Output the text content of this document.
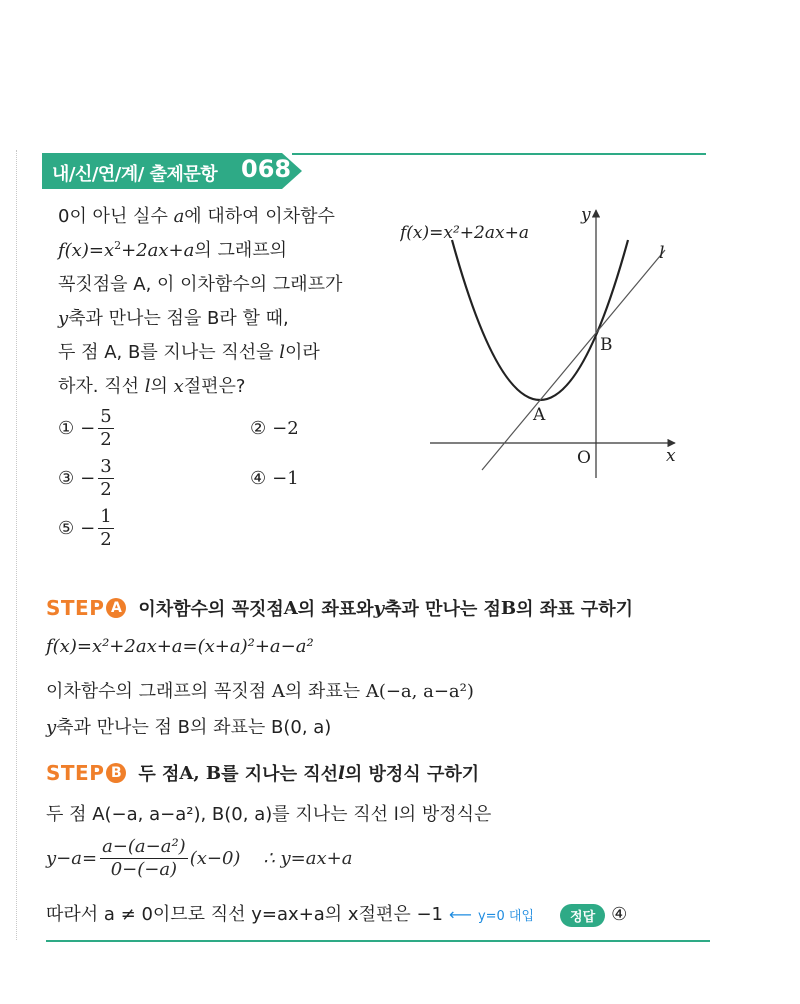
내/신/연/계/ 출제문항 068
0이 아닌 실수 a에 대하여 이차함수
$f(x)=x^2+2ax+a$의 그래프의
꼭짓점을 A, 이 이차함수의 그래프가
y축과 만나는 점을 B라 할 때,
두 점 A, B를 지나는 직선을 l이라
하자. 직선 l의 x절편은?
① − $\frac{5}{2}$	② −2
③ − $\frac{3}{2}$	④ −1
⑤ − $\frac{1}{2}$
f(x)=x²+2ax+a
y
x
O
A
B
l
STEP A 이차함수의 꼭짓점 A 의 좌표와 y 축과 만나는 점 B 의 좌표 구하기
f(x)=x²+2ax+a=(x+a)²+a−a²
이차함수의 그래프의 꼭짓점 A의 좌표는 A(−a, a−a²)
y축과 만나는 점 B의 좌표는 B(0, a)
STEP B 두 점 A, B 를 지나는 직선 l 의 방정식 구하기
두 점 A(−a, a−a²), B(0, a)를 지나는 직선 l의 방정식은
$y-a= \frac{\text{a−(a−a²)}}{0-(-a)} (x-0)$    ∴ y=ax+a
따라서 a ≠ 0이므로 직선 y=ax+a의 x절편은 −1 ⟵ y=0 대입	정답 ④
